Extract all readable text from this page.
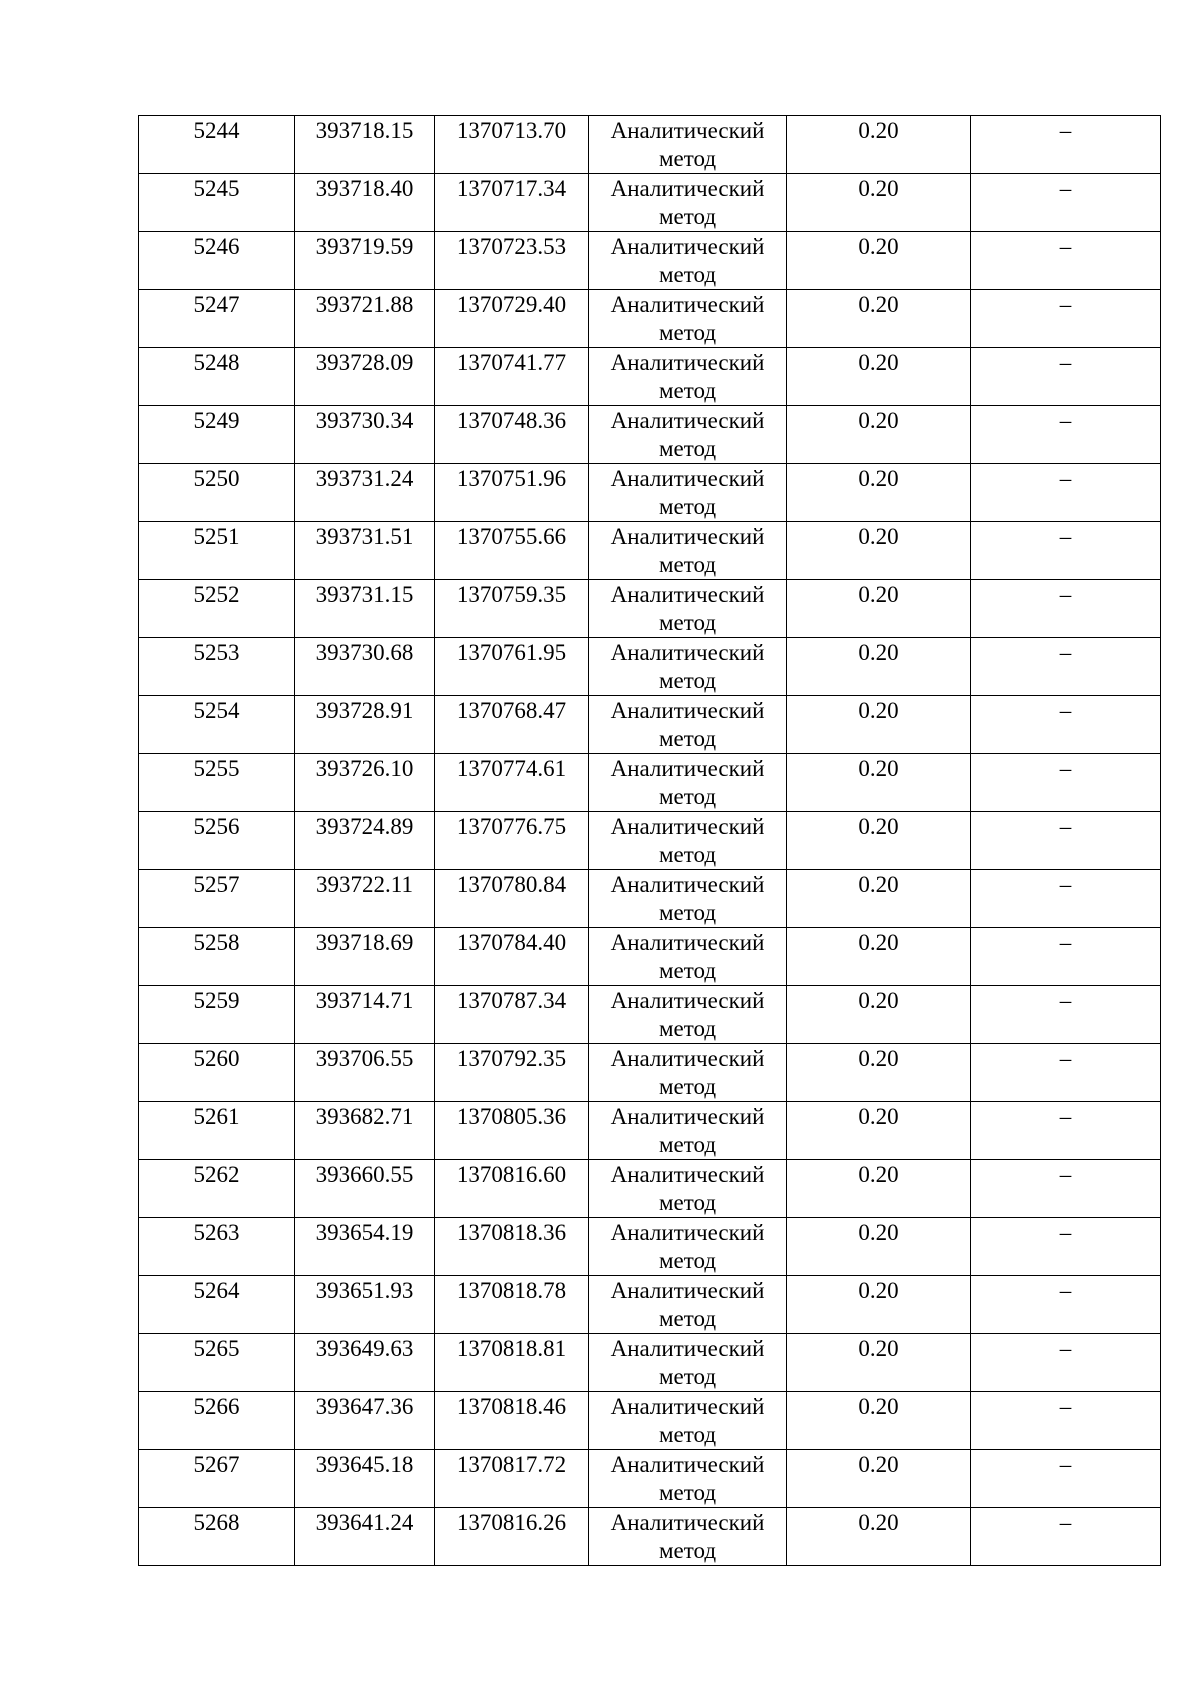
5244	393718.15	1370713.70	Аналитический метод	0.20	–

5245	393718.40	1370717.34	Аналитический метод	0.20	–

5246	393719.59	1370723.53	Аналитический метод	0.20	–

5247	393721.88	1370729.40	Аналитический метод	0.20	–

5248	393728.09	1370741.77	Аналитический метод	0.20	–

5249	393730.34	1370748.36	Аналитический метод	0.20	–

5250	393731.24	1370751.96	Аналитический метод	0.20	–

5251	393731.51	1370755.66	Аналитический метод	0.20	–

5252	393731.15	1370759.35	Аналитический метод	0.20	–

5253	393730.68	1370761.95	Аналитический метод	0.20	–

5254	393728.91	1370768.47	Аналитический метод	0.20	–

5255	393726.10	1370774.61	Аналитический метод	0.20	–

5256	393724.89	1370776.75	Аналитический метод	0.20	–

5257	393722.11	1370780.84	Аналитический метод	0.20	–

5258	393718.69	1370784.40	Аналитический метод	0.20	–

5259	393714.71	1370787.34	Аналитический метод	0.20	–

5260	393706.55	1370792.35	Аналитический метод	0.20	–

5261	393682.71	1370805.36	Аналитический метод	0.20	–

5262	393660.55	1370816.60	Аналитический метод	0.20	–

5263	393654.19	1370818.36	Аналитический метод	0.20	–

5264	393651.93	1370818.78	Аналитический метод	0.20	–

5265	393649.63	1370818.81	Аналитический метод	0.20	–

5266	393647.36	1370818.46	Аналитический метод	0.20	–

5267	393645.18	1370817.72	Аналитический метод	0.20	–

5268	393641.24	1370816.26	Аналитический метод	0.20	–
